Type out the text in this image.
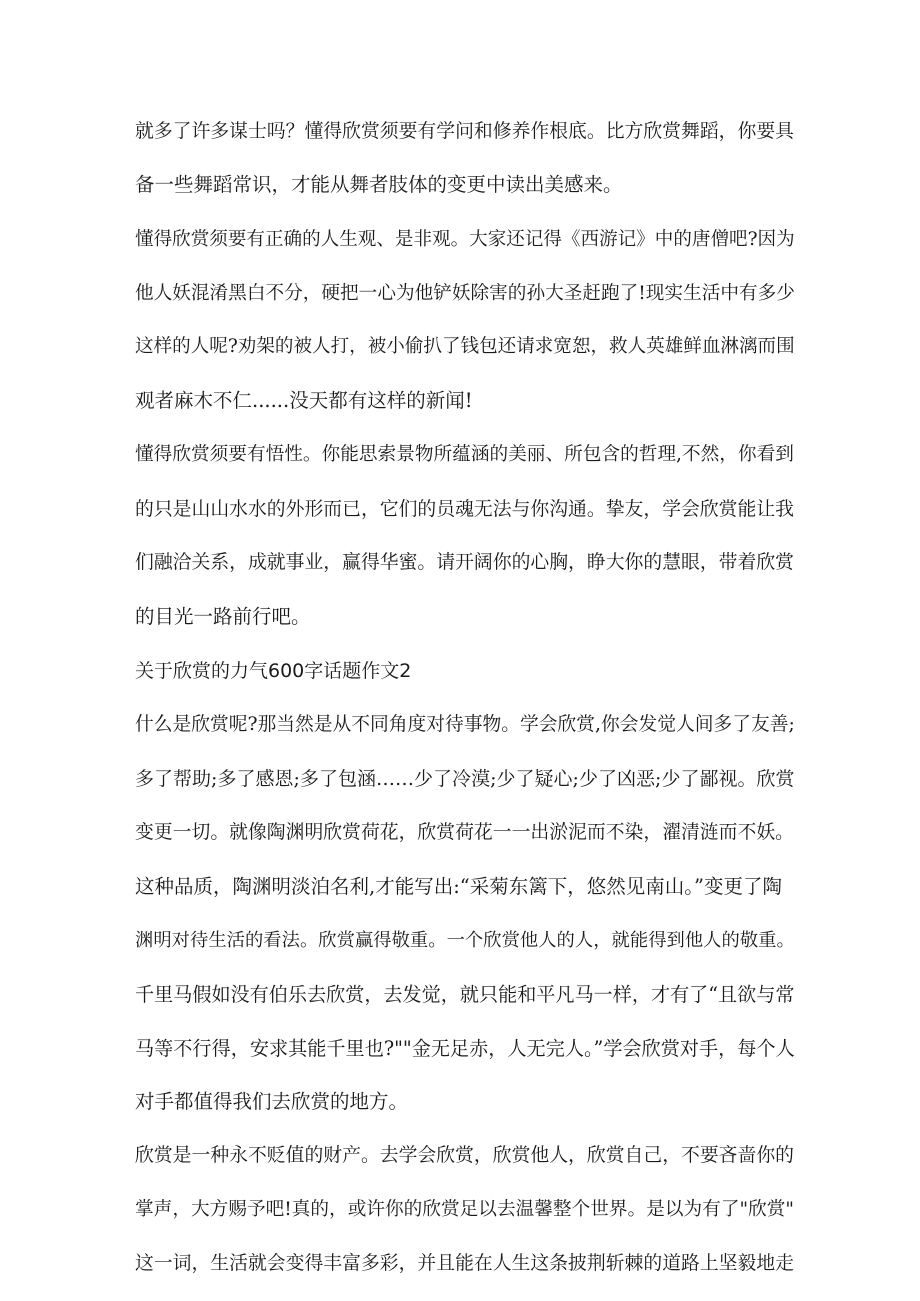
就多了许多谋士吗？懂得欣赏须要有学问和修养作根底。比方欣赏舞蹈，你要具

备一些舞蹈常识，才能从舞者肢体的变更中读出美感来。

懂得欣赏须要有正确的人生观、是非观。大家还记得《西游记》中的唐僧吧?因为

他人妖混淆黑白不分，硬把一心为他铲妖除害的孙大圣赶跑了!现实生活中有多少

这样的人呢?劝架的被人打，被小偷扒了钱包还请求宽恕，救人英雄鲜血淋漓而围

观者麻木不仁......没天都有这样的新闻!

懂得欣赏须要有悟性。你能思索景物所蕴涵的美丽、所包含的哲理,不然，你看到

的只是山山水水的外形而已，它们的员魂无法与你沟通。挚友，学会欣赏能让我

们融洽关系，成就事业，赢得华蜜。请开阔你的心胸，睁大你的慧眼，带着欣赏

的目光一路前行吧。

关于欣赏的力气600字话题作文2

什么是欣赏呢?那当然是从不同角度对待事物。学会欣赏,你会发觉人间多了友善;

多了帮助;多了感恩;多了包涵……少了冷漠;少了疑心;少了凶恶;少了鄙视。欣赏

变更一切。就像陶渊明欣赏荷花，欣赏荷花一一出淤泥而不染，濯清涟而不妖。

这种品质，陶渊明淡泊名利,才能写出:“采菊东篱下，悠然见南山。”变更了陶

渊明对待生活的看法。欣赏赢得敬重。一个欣赏他人的人，就能得到他人的敬重。

千里马假如没有伯乐去欣赏，去发觉，就只能和平凡马一样，才有了“且欲与常

马等不行得，安求其能千里也?""金无足赤，人无完人。”学会欣赏对手，每个人

对手都值得我们去欣赏的地方。

欣赏是一种永不贬值的财产。去学会欣赏，欣赏他人，欣赏自己，不要吝啬你的

掌声，大方赐予吧!真的，或许你的欣赏足以去温馨整个世界。是以为有了"欣赏"

这一词，生活就会变得丰富多彩，并且能在人生这条披荆斩棘的道路上坚毅地走
